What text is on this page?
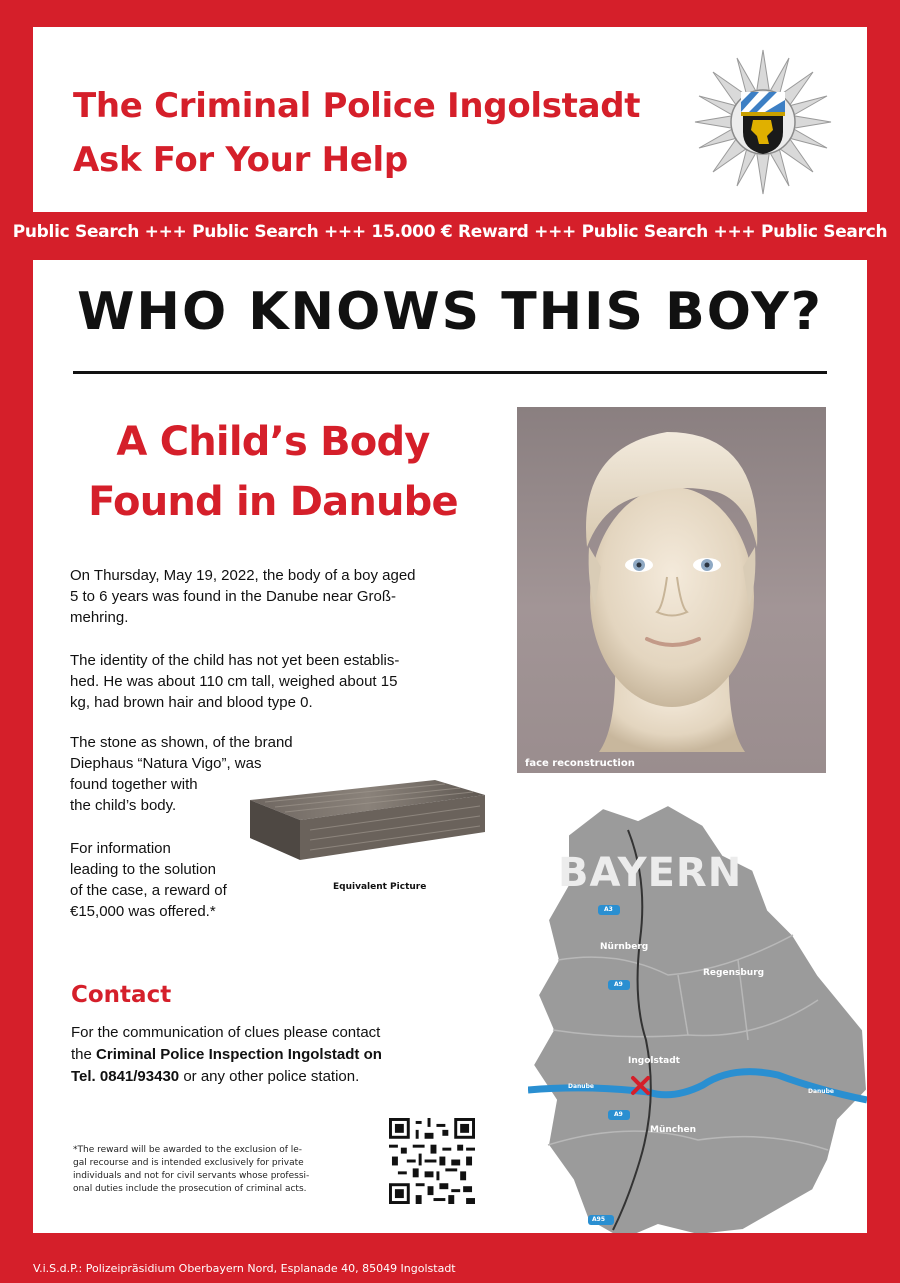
The Criminal Police Ingolstadt
Ask For Your Help
Public Search +++ Public Search +++ 15.000 € Reward +++ Public Search +++ Public Search
WHO KNOWS THIS BOY?
A Child’s Body
Found in Danube
face reconstruction
On Thursday, May 19, 2022, the body of a boy aged
5 to 6 years was found in the Danube near Groß-
mehring.
The identity of the child has not yet been establis-
hed. He was about 110 cm tall, weighed about 15
kg, had brown hair and blood type 0.
The stone as shown, of the brand
Diephaus “Natura Vigo”, was
found together with
the child’s body.
For information
leading to the solution
of the case, a reward of
€15,000 was offered.*
Equivalent Picture
Contact
For the communication of clues please contact
the Criminal Police Inspection Ingolstadt on
Tel. 0841/93430 or any other police station.
*The reward will be awarded to the exclusion of le-
gal recourse and is intended exclusively for private
individuals and not for civil servants whose professi-
onal duties include the prosecution of criminal acts.
BAYERN
Nürnberg
Regensburg
Ingolstadt
München
A3
A9
A9
A95
Danube
Danube
V.i.S.d.P.: Polizeipräsidium Oberbayern Nord, Esplanade 40, 85049 Ingolstadt
